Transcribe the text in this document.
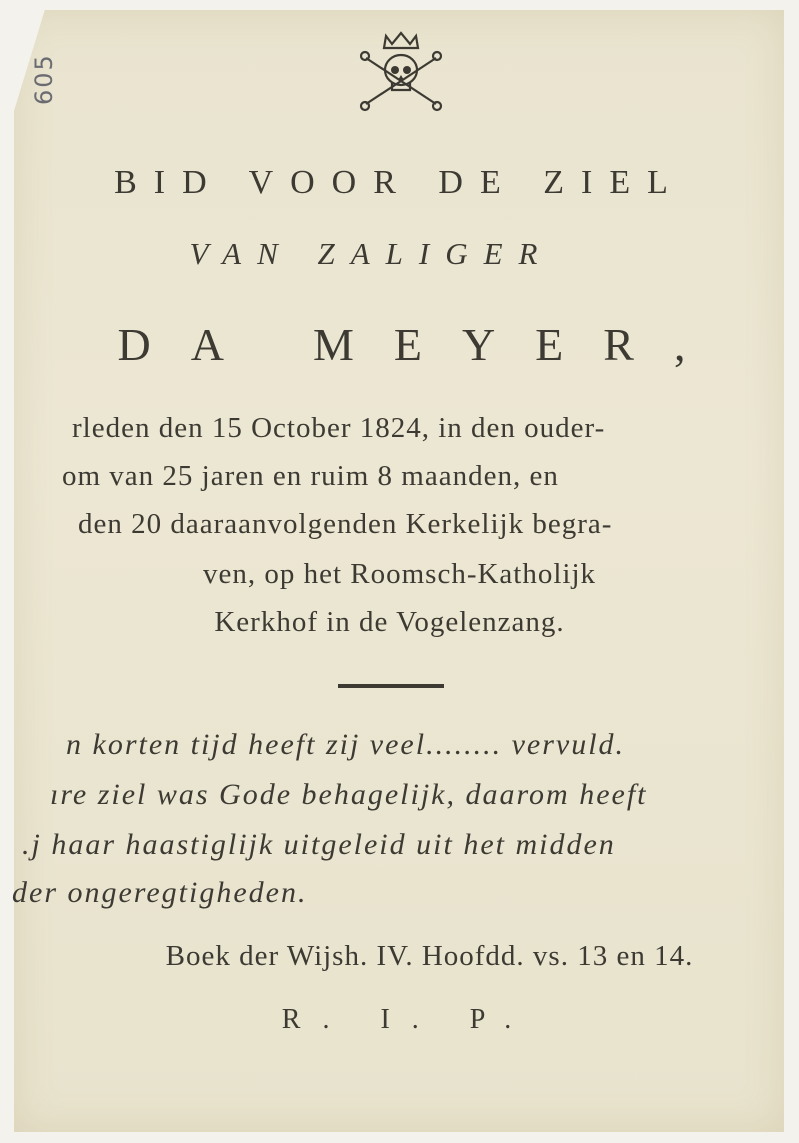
605
BID VOOR DE ZIEL
VAN ZALIGER
DA MEYER,
rleden den 15 October 1824, in den ouder-
om van 25 jaren en ruim 8 maanden, en
den 20 daaraanvolgenden Kerkelijk begra-
ven, op het Roomsch-Katholijk
Kerkhof in de Vogelenzang.
n korten tijd heeft zij veel........ vervuld.
ıre ziel was Gode behagelijk, daarom heeft
.j haar haastiglijk uitgeleid uit het midden
der ongeregtigheden.
Boek der Wijsh. IV. Hoofdd. vs. 13 en 14.
R. I. P.
